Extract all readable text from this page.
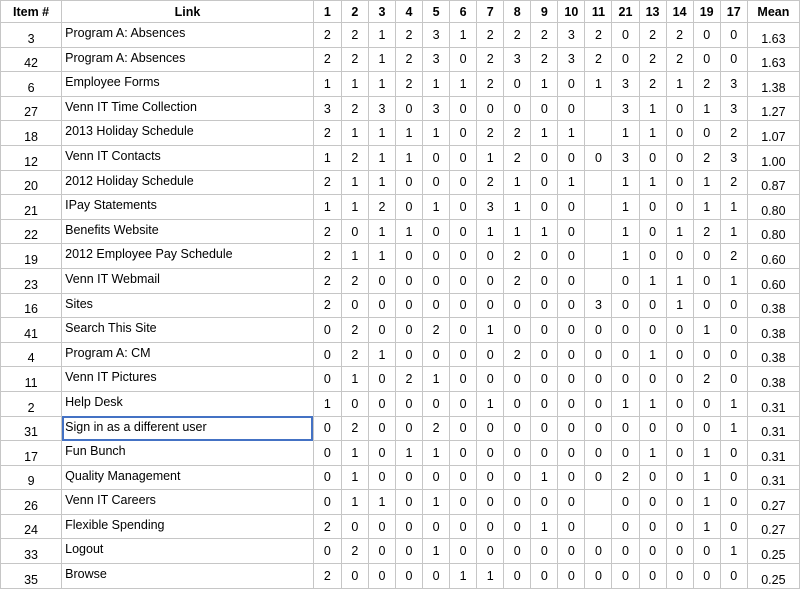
Item #	Link	1	2	3	4	5	6	7	8	9	10	11	21	13	14	19	17	Mean
3	Program A: Absences	2	2	1	2	3	1	2	2	2	3	2	0	2	2	0	0	1.63
42	Program A: Absences	2	2	1	2	3	0	2	3	2	3	2	0	2	2	0	0	1.63
6	Employee Forms	1	1	1	2	1	1	2	0	1	0	1	3	2	1	2	3	1.38
27	Venn IT Time Collection	3	2	3	0	3	0	0	0	0	0		3	1	0	1	3	1.27
18	2013 Holiday Schedule	2	1	1	1	1	0	2	2	1	1		1	1	0	0	2	1.07
12	Venn IT Contacts	1	2	1	1	0	0	1	2	0	0	0	3	0	0	2	3	1.00
20	2012 Holiday Schedule	2	1	1	0	0	0	2	1	0	1		1	1	0	1	2	0.87
21	IPay Statements	1	1	2	0	1	0	3	1	0	0		1	0	0	1	1	0.80
22	Benefits Website	2	0	1	1	0	0	1	1	1	0		1	0	1	2	1	0.80
19	2012 Employee Pay Schedule	2	1	1	0	0	0	0	2	0	0		1	0	0	0	2	0.60
23	Venn IT Webmail	2	2	0	0	0	0	0	2	0	0		0	1	1	0	1	0.60
16	Sites	2	0	0	0	0	0	0	0	0	0	3	0	0	1	0	0	0.38
41	Search This Site	0	2	0	0	2	0	1	0	0	0	0	0	0	0	1	0	0.38
4	Program A: CM	0	2	1	0	0	0	0	2	0	0	0	0	1	0	0	0	0.38
11	Venn IT Pictures	0	1	0	2	1	0	0	0	0	0	0	0	0	0	2	0	0.38
2	Help Desk	1	0	0	0	0	0	1	0	0	0	0	1	1	0	0	1	0.31
31	Sign in as a different user	0	2	0	0	2	0	0	0	0	0	0	0	0	0	0	1	0.31
17	Fun Bunch	0	1	0	1	1	0	0	0	0	0	0	0	1	0	1	0	0.31
9	Quality Management	0	1	0	0	0	0	0	0	1	0	0	2	0	0	1	0	0.31
26	Venn IT Careers	0	1	1	0	1	0	0	0	0	0		0	0	0	1	0	0.27
24	Flexible Spending	2	0	0	0	0	0	0	0	1	0		0	0	0	1	0	0.27
33	Logout	0	2	0	0	1	0	0	0	0	0	0	0	0	0	0	1	0.25
35	Browse	2	0	0	0	0	1	1	0	0	0	0	0	0	0	0	0	0.25
